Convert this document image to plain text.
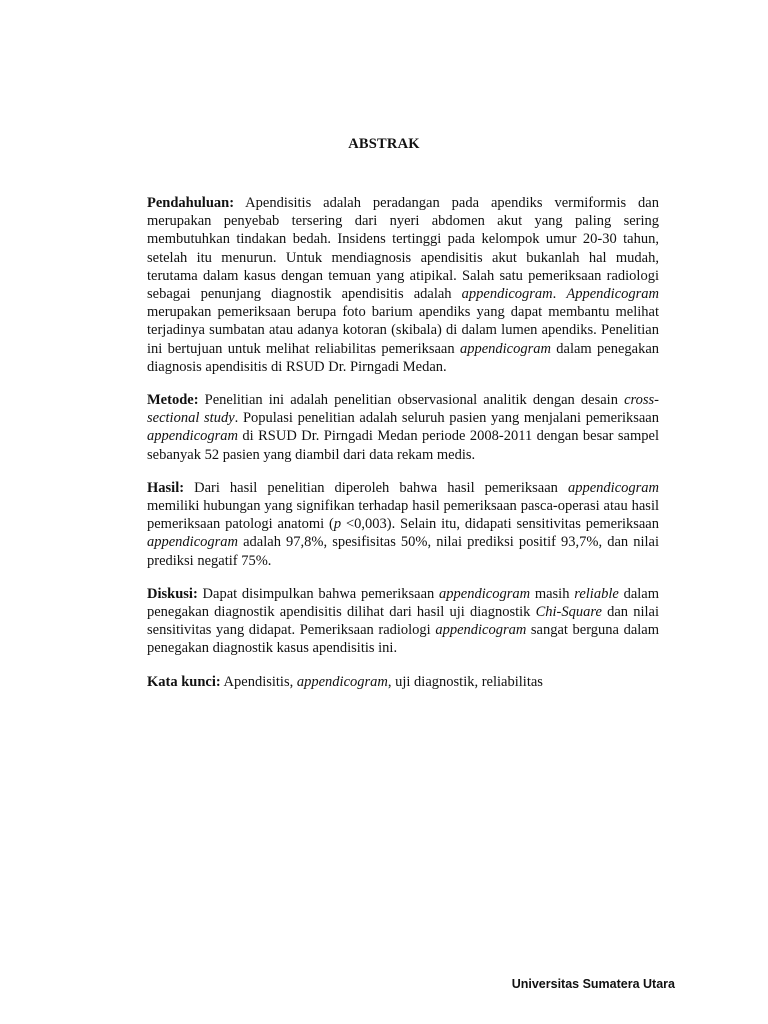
ABSTRAK

Pendahuluan: Apendisitis adalah peradangan pada apendiks vermiformis dan merupakan penyebab tersering dari nyeri abdomen akut yang paling sering membutuhkan tindakan bedah. Insidens tertinggi pada kelompok umur 20-30 tahun, setelah itu menurun. Untuk mendiagnosis apendisitis akut bukanlah hal mudah, terutama dalam kasus dengan temuan yang atipikal. Salah satu pemeriksaan radiologi sebagai penunjang diagnostik apendisitis adalah appendicogram. Appendicogram merupakan pemeriksaan berupa foto barium apendiks yang dapat membantu melihat terjadinya sumbatan atau adanya kotoran (skibala) di dalam lumen apendiks. Penelitian ini bertujuan untuk melihat reliabilitas pemeriksaan appendicogram dalam penegakan diagnosis apendisitis di RSUD Dr. Pirngadi Medan.

Metode: Penelitian ini adalah penelitian observasional analitik dengan desain cross-sectional study. Populasi penelitian adalah seluruh pasien yang menjalani pemeriksaan appendicogram di RSUD Dr. Pirngadi Medan periode 2008-2011 dengan besar sampel sebanyak 52 pasien yang diambil dari data rekam medis.

Hasil: Dari hasil penelitian diperoleh bahwa hasil pemeriksaan appendicogram memiliki hubungan yang signifikan terhadap hasil pemeriksaan pasca-operasi atau hasil pemeriksaan patologi anatomi (p <0,003). Selain itu, didapati sensitivitas pemeriksaan appendicogram adalah 97,8%, spesifisitas 50%, nilai prediksi positif 93,7%, dan nilai prediksi negatif 75%.

Diskusi: Dapat disimpulkan bahwa pemeriksaan appendicogram masih reliable dalam penegakan diagnostik apendisitis dilihat dari hasil uji diagnostik Chi-Square dan nilai sensitivitas yang didapat. Pemeriksaan radiologi appendicogram sangat berguna dalam penegakan diagnostik kasus apendisitis ini.

Kata kunci: Apendisitis, appendicogram, uji diagnostik, reliabilitas

Universitas Sumatera Utara
